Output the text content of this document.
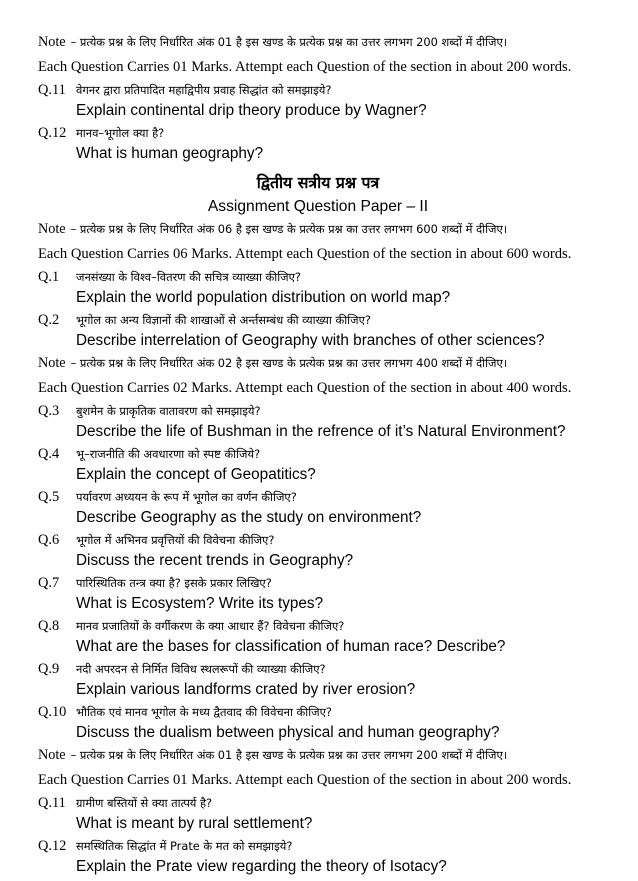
Note – प्रत्येक प्रश्न के लिए निर्धारित अंक 01 है इस खण्ड के प्रत्येक प्रश्न का उत्तर लगभग 200 शब्दों में दीजिए।
Each Question Carries 01 Marks. Attempt each Question of the section in about 200 words.
Q.11 वेगनर द्वारा प्रतिपादित महाद्विपीय प्रवाह सिद्धांत को समझाइये?
Explain continental drip theory produce by Wagner?
Q.12 मानव–भूगोल क्या है?
What is human geography?
द्वितीय सत्रीय प्रश्न पत्र
Assignment Question Paper – II
Note – प्रत्येक प्रश्न के लिए निर्धारित अंक 06 है इस खण्ड के प्रत्येक प्रश्न का उत्तर लगभग 600 शब्दों में दीजिए।
Each Question Carries 06 Marks. Attempt each Question of the section in about 600 words.
Q.1	जनसंख्या के विश्व–वितरण की सचित्र व्याख्या कीजिए?
Explain the world population distribution on world map?
Q.2	भूगोल का अन्य विज्ञानों की शाखाओं से अर्न्तसम्बंध की व्याख्या कीजिए?
Describe interrelation of Geography with branches of other sciences?
Note – प्रत्येक प्रश्न के लिए निर्धारित अंक 02 है इस खण्ड के प्रत्येक प्रश्न का उत्तर लगभग 400 शब्दों में दीजिए।
Each Question Carries 02 Marks. Attempt each Question of the section in about 400 words.
Q.3	बुशमेन के प्राकृतिक वातावरण को समझाइये?
Describe the life of Bushman in the refrence of it’s Natural Environment?
Q.4	भू–राजनीति की अवधारणा को स्पष्ट कीजिये?
Explain the concept of Geopatitics?
Q.5	पर्यावरण अध्ययन के रूप में भूगोल का वर्णन कीजिए?
Describe Geography as the study on environment?
Q.6	भूगोल में अभिनव प्रवृत्तियों की विवेचना कीजिए?
Discuss the recent trends in Geography?
Q.7	पारिस्थितिक तन्त्र क्या है? इसके प्रकार लिखिए?
What is Ecosystem? Write its types?
Q.8	मानव प्रजातियों के वर्गीकरण के क्या आधार हैं? विवेचना कीजिए?
What are the bases for classification of human race? Describe?
Q.9	नदी अपरदन से निर्मित विविध स्थलरूपों की व्याख्या कीजिए?
Explain various landforms crated by river erosion?
Q.10 भौतिक एवं मानव भूगोल के मध्य द्वैतवाद की विवेचना कीजिए?
Discuss the dualism between physical and human geography?
Note – प्रत्येक प्रश्न के लिए निर्धारित अंक 01 है इस खण्ड के प्रत्येक प्रश्न का उत्तर लगभग 200 शब्दों में दीजिए।
Each Question Carries 01 Marks. Attempt each Question of the section in about 200 words.
Q.11 ग्रामीण बस्तियों से क्या तात्पर्य है?
What is meant by rural settlement?
Q.12 समस्थितिक सिद्धांत में Prate के मत को समझाइये?
Explain the Prate view regarding the theory of Isotacy?
